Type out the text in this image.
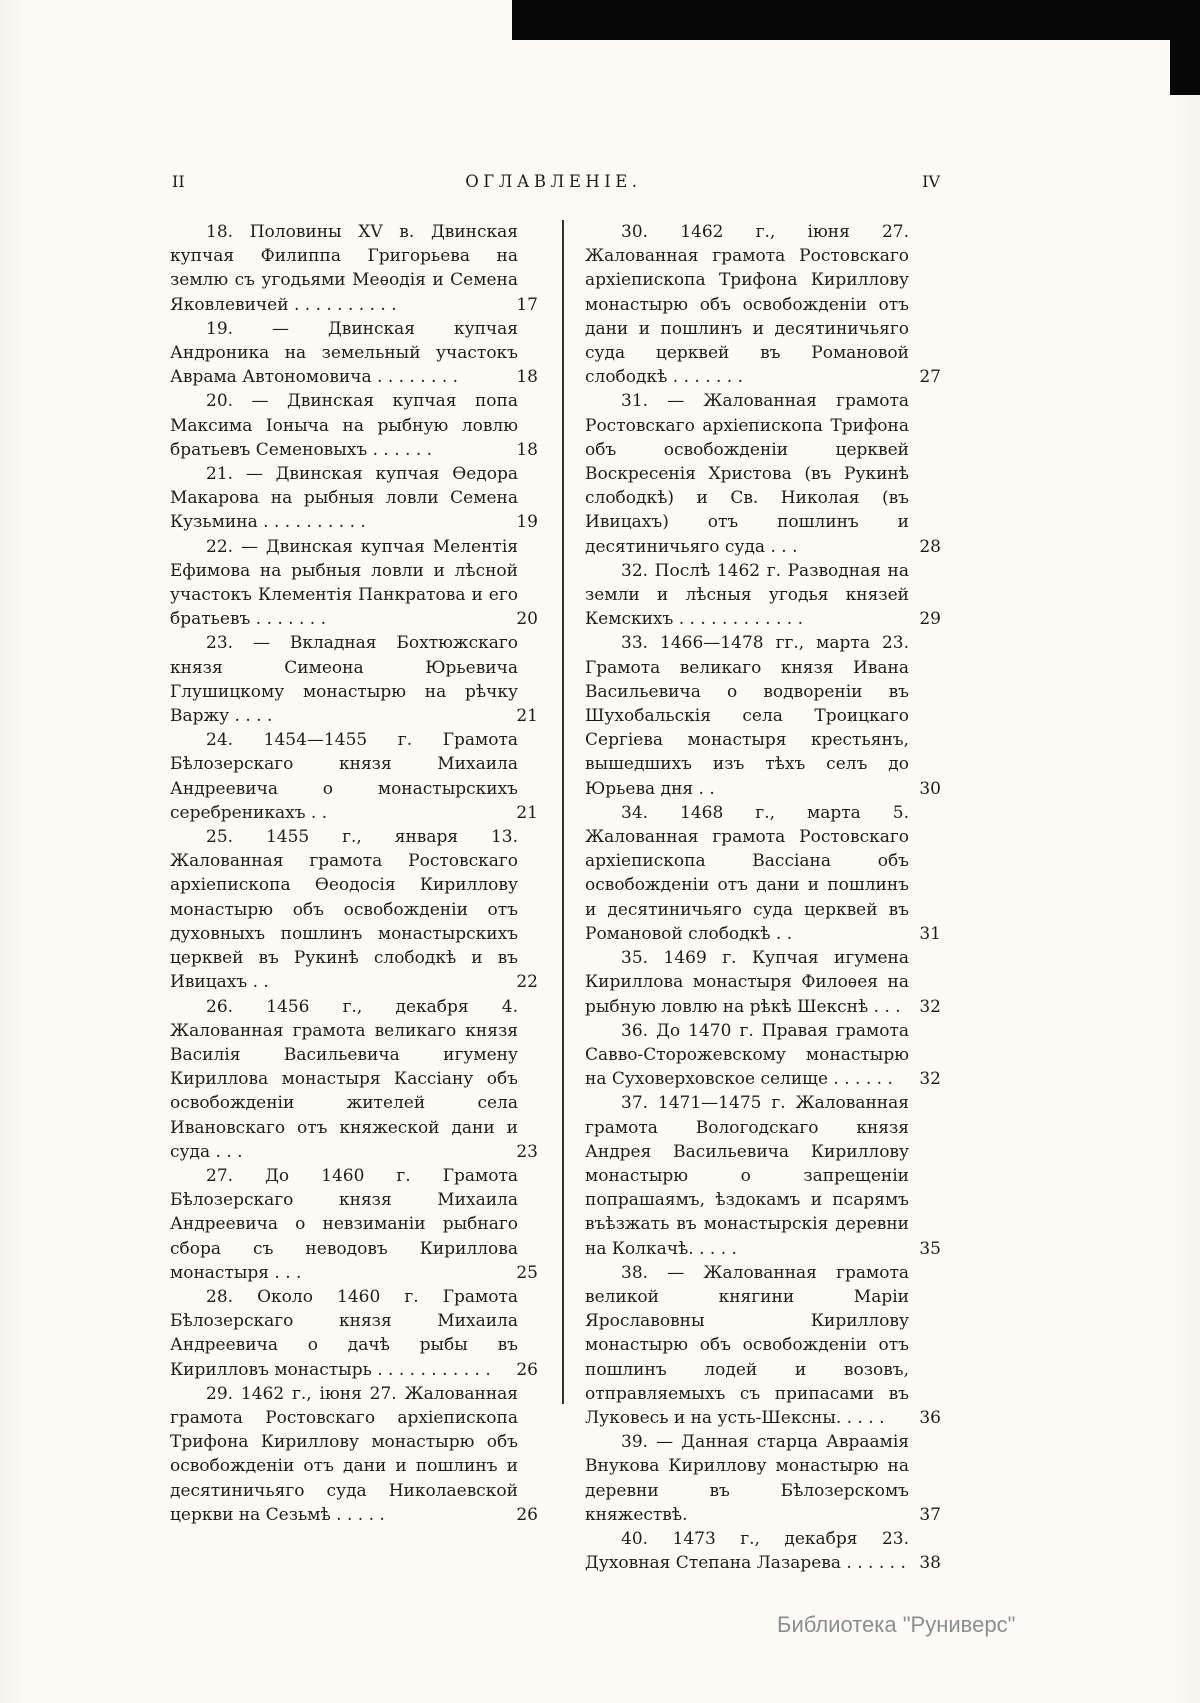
II	ОГЛАВЛЕНІЕ.	IV
18. Половины XV в. Двинская купчая Филиппа Григорьева на землю съ угодьями Меѳодія и Семена Яковлевичей . . . . . . . . . .	17
19. — Двинская купчая Андроника на земельный участокъ Аврама Автономовича . . . . . . . .	18
20. — Двинская купчая попа Максима Іоныча на рыбную ловлю братьевъ Семеновыхъ . . . . . .	18
21. — Двинская купчая Ѳедора Макарова на рыбныя ловли Семена Кузьмина . . . . . . . . . .	19
22. — Двинская купчая Мелентія Ефимова на рыбныя ловли и лѣсной участокъ Клементія Панкратова и его братьевъ . . . . . . .	20
23. — Вкладная Бохтюжскаго князя Симеона Юрьевича Глушицкому монастырю на рѣчку Варжу . . . .	21
24. 1454—1455 г. Грамота Бѣлозерскаго князя Михаила Андреевича о монастырскихъ серебреникахъ . .	21
25. 1455 г., января 13. Жалованная грамота Ростовскаго архіепископа Ѳеодосія Кириллову монастырю объ освобожденіи отъ духовныхъ пошлинъ монастырскихъ церквей въ Рукинѣ слободкѣ и въ Ивицахъ . .	22
26. 1456 г., декабря 4. Жалованная грамота великаго князя Василія Васильевича игумену Кириллова монастыря Кассіану объ освобожденіи жителей села Ивановскаго отъ княжеской дани и суда . . .	23
27. До 1460 г. Грамота Бѣлозерскаго князя Михаила Андреевича о невзиманіи рыбнаго сбора съ неводовъ Кириллова монастыря . . .	25
28. Около 1460 г. Грамота Бѣлозерскаго князя Михаила Андреевича о дачѣ рыбы въ Кирилловъ монастырь . . . . . . . . . . . 26
29. 1462 г., іюня 27. Жалованная грамота Ростовскаго архіепископа Трифона Кириллову монастырю объ освобожденіи отъ дани и пошлинъ и десятиничьяго суда Николаевской церкви на Сезьмѣ . . . . .	26
30. 1462 г., іюня 27. Жалованная грамота Ростовскаго архіепископа Трифона Кириллову монастырю объ освобожденіи отъ дани и пошлинъ и десятиничьяго суда церквей въ Романовой слободкѣ . . . . . . .	27
31. — Жалованная грамота Ростовскаго архіепископа Трифона объ освобожденіи церквей Воскресенія Христова (въ Рукинѣ слободкѣ) и Св. Николая (въ Ивицахъ) отъ пошлинъ и десятиничьяго суда . . .	28
32. Послѣ 1462 г. Разводная на земли и лѣсныя угодья князей Кемскихъ . . . . . . . . . . . .	29
33. 1466—1478 гг., марта 23. Грамота великаго князя Ивана Васильевича о водвореніи въ Шухобальскія села Троицкаго Сергіева монастыря крестьянъ, вышедшихъ изъ тѣхъ селъ до Юрьева дня . .	30
34. 1468 г., марта 5. Жалованная грамота Ростовскаго архіепископа Вассіана объ освобожденіи отъ дани и пошлинъ и десятиничьяго суда церквей въ Романовой слободкѣ . .	31
35. 1469 г. Купчая игумена Кириллова монастыря Филоѳея на рыбную ловлю на рѣкѣ Шекснѣ . . . 32
36. До 1470 г. Правая грамота Савво-Сторожевскому монастырю на Суховерховское селище . . . . . . 32
37. 1471—1475 г. Жалованная грамота Вологодскаго князя Андрея Васильевича Кириллову монастырю о запрещеніи попрашаямъ, ѣздокамъ и псарямъ въѣзжать въ монастырскія деревни на Колкачѣ. . . . .	35
38. — Жалованная грамота великой княгини Маріи Ярославовны Кириллову монастырю объ освобожденіи отъ пошлинъ лодей и возовъ, отправляемыхъ съ припасами въ Луковесь и на усть-Шексны. . . . . 36
39. — Данная старца Авраамія Внукова Кириллову монастырю на деревни въ Бѣлозерскомъ княжествѣ.	37
40. 1473 г., декабря 23. Духовная Степана Лазарева . . . . . . 38
Библиотека "Руниверс"
